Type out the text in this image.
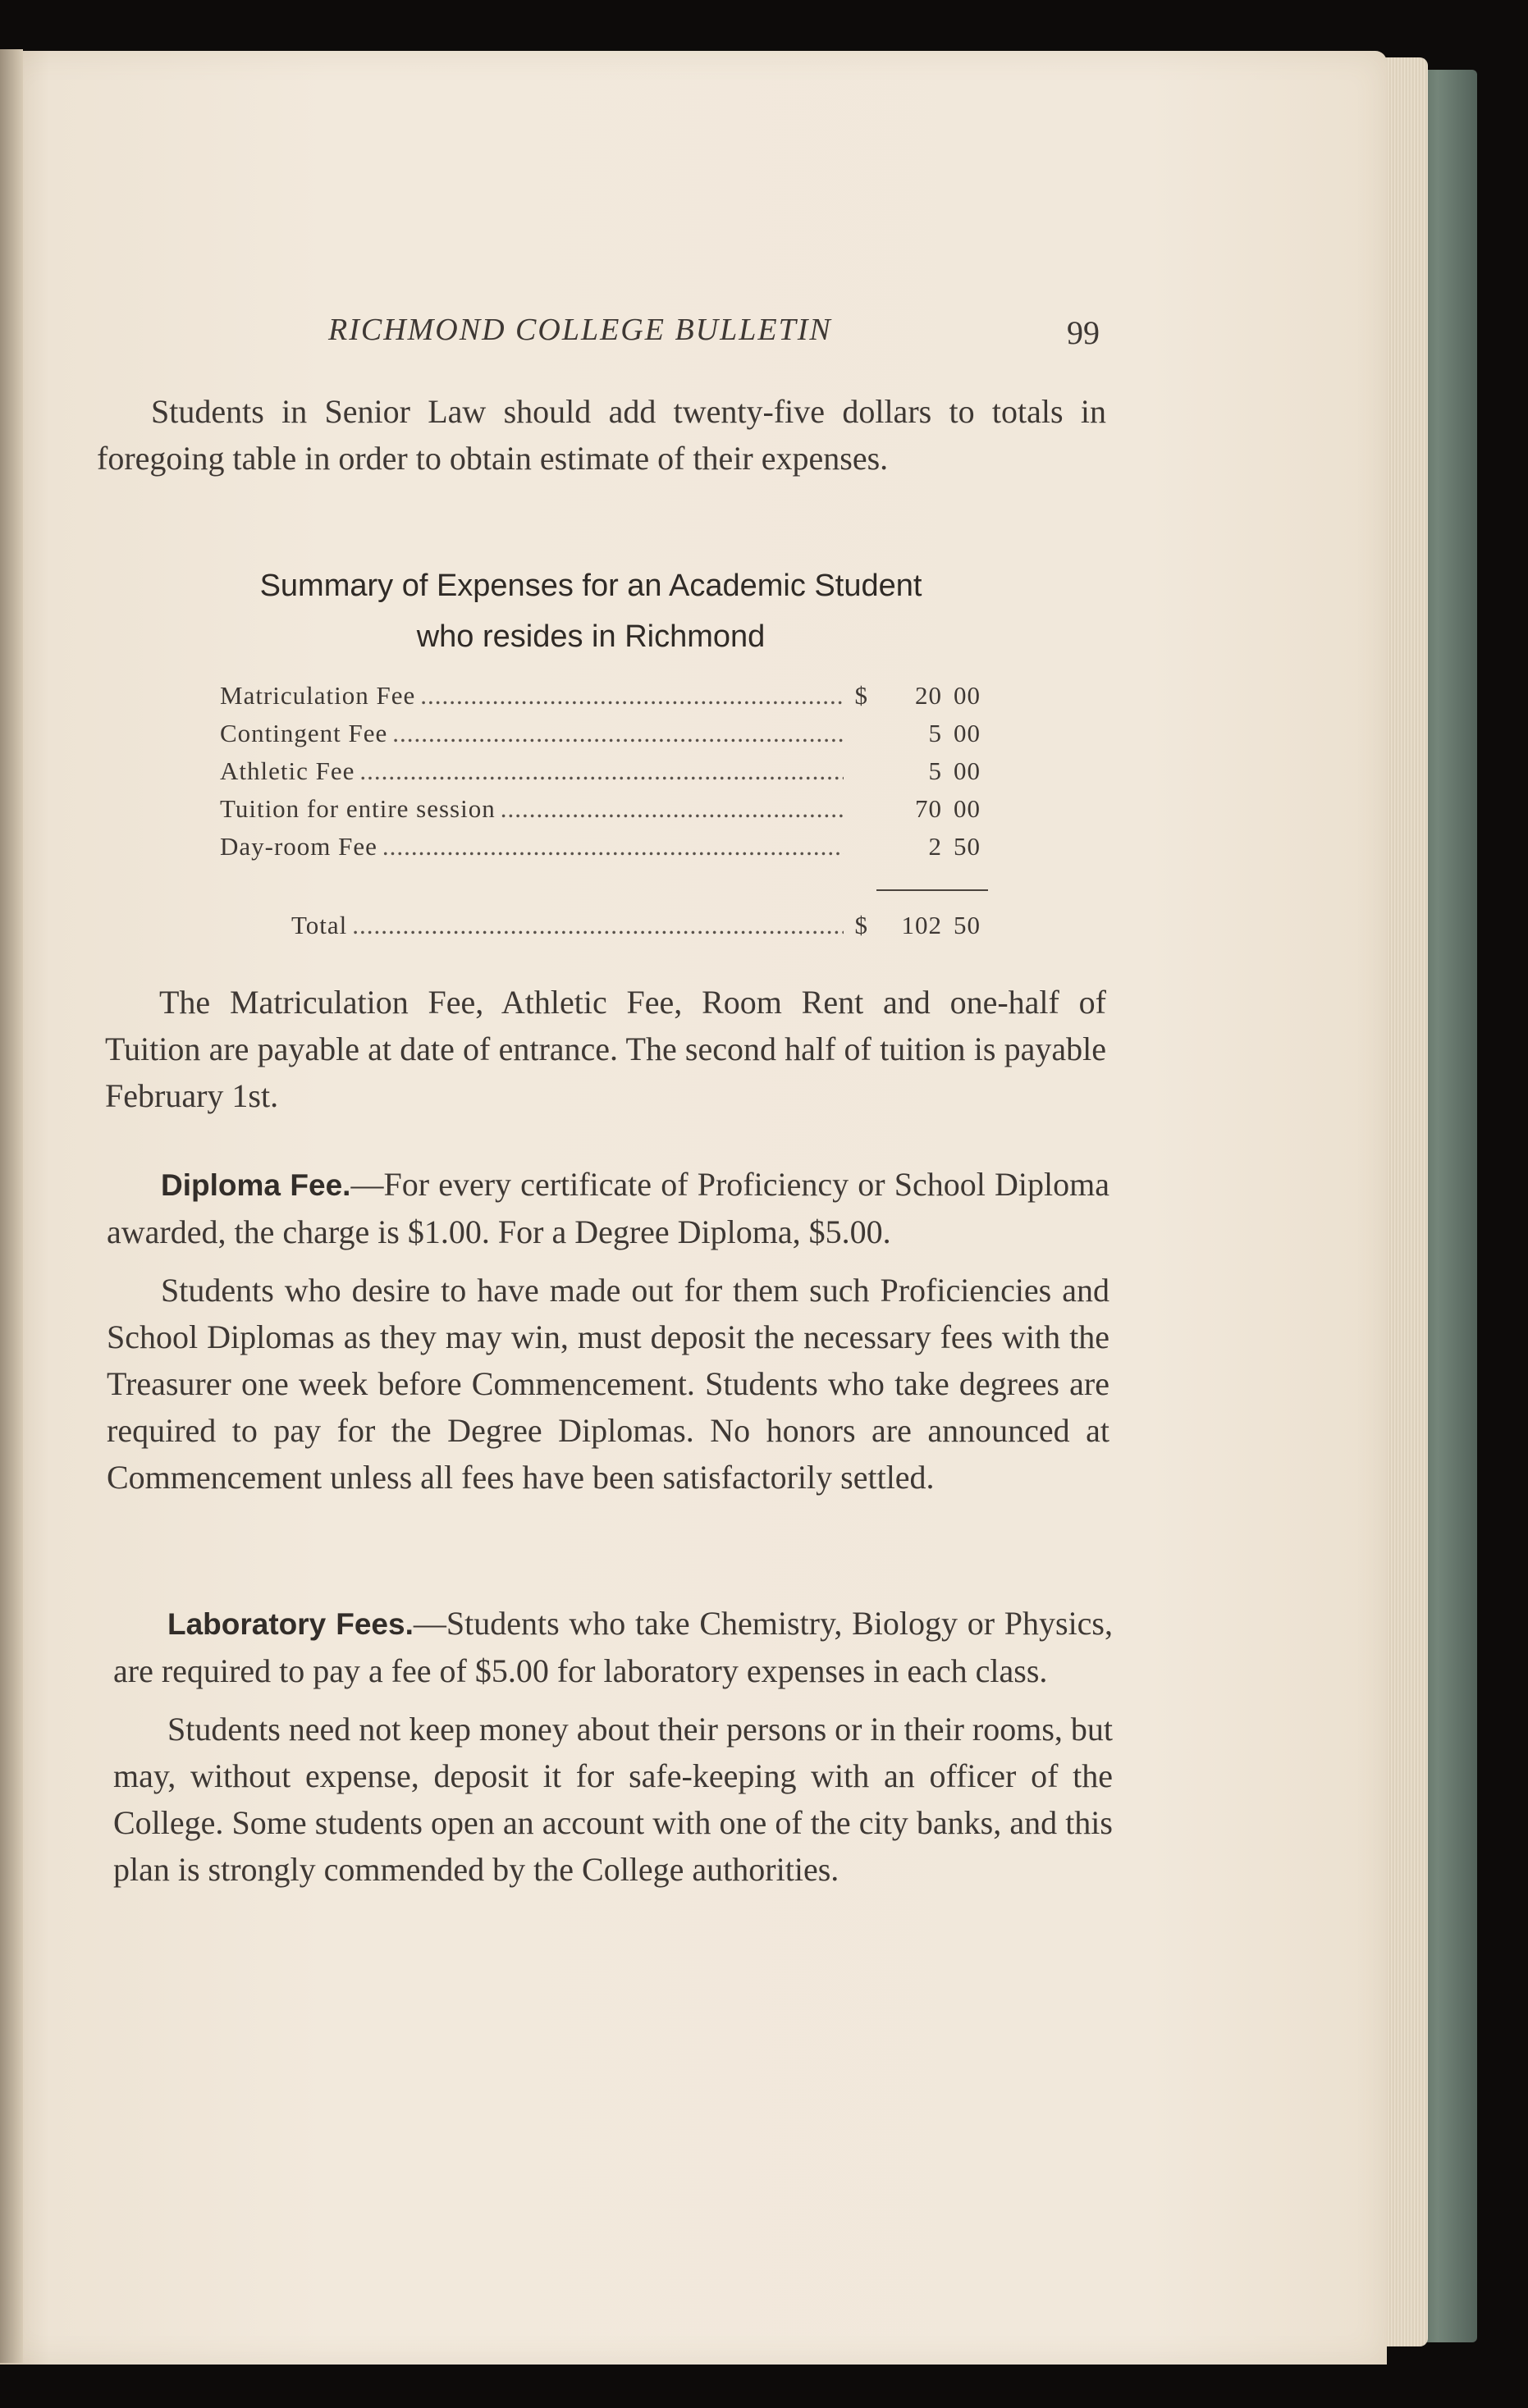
RICHMOND COLLEGE BULLETIN	99

Students in Senior Law should add twenty-five dollars to totals in foregoing table in order to obtain estimate of their expenses.

Summary of Expenses for an Academic Student
who resides in Richmond
Matriculation Fee .....	$	20 00
Contingent Fee .....	5 00
Athletic Fee .....	5 00
Tuition for entire session .....	70 00
Day-room Fee .....	2 50
Total .....	$	102 50

The Matriculation Fee, Athletic Fee, Room Rent and one-half of Tuition are payable at date of entrance. The second half of tuition is payable February 1st.

Diploma Fee.—For every certificate of Proficiency or School Diploma awarded, the charge is $1.00. For a Degree Diploma, $5.00.

Students who desire to have made out for them such Proficiencies and School Diplomas as they may win, must deposit the necessary fees with the Treasurer one week before Commencement. Students who take degrees are required to pay for the Degree Diplomas. No honors are announced at Commencement unless all fees have been satisfactorily settled.

Laboratory Fees.—Students who take Chemistry, Biology or Physics, are required to pay a fee of $5.00 for laboratory expenses in each class.

Students need not keep money about their persons or in their rooms, but may, without expense, deposit it for safe-keeping with an officer of the College. Some students open an account with one of the city banks, and this plan is strongly commended by the College authorities.
